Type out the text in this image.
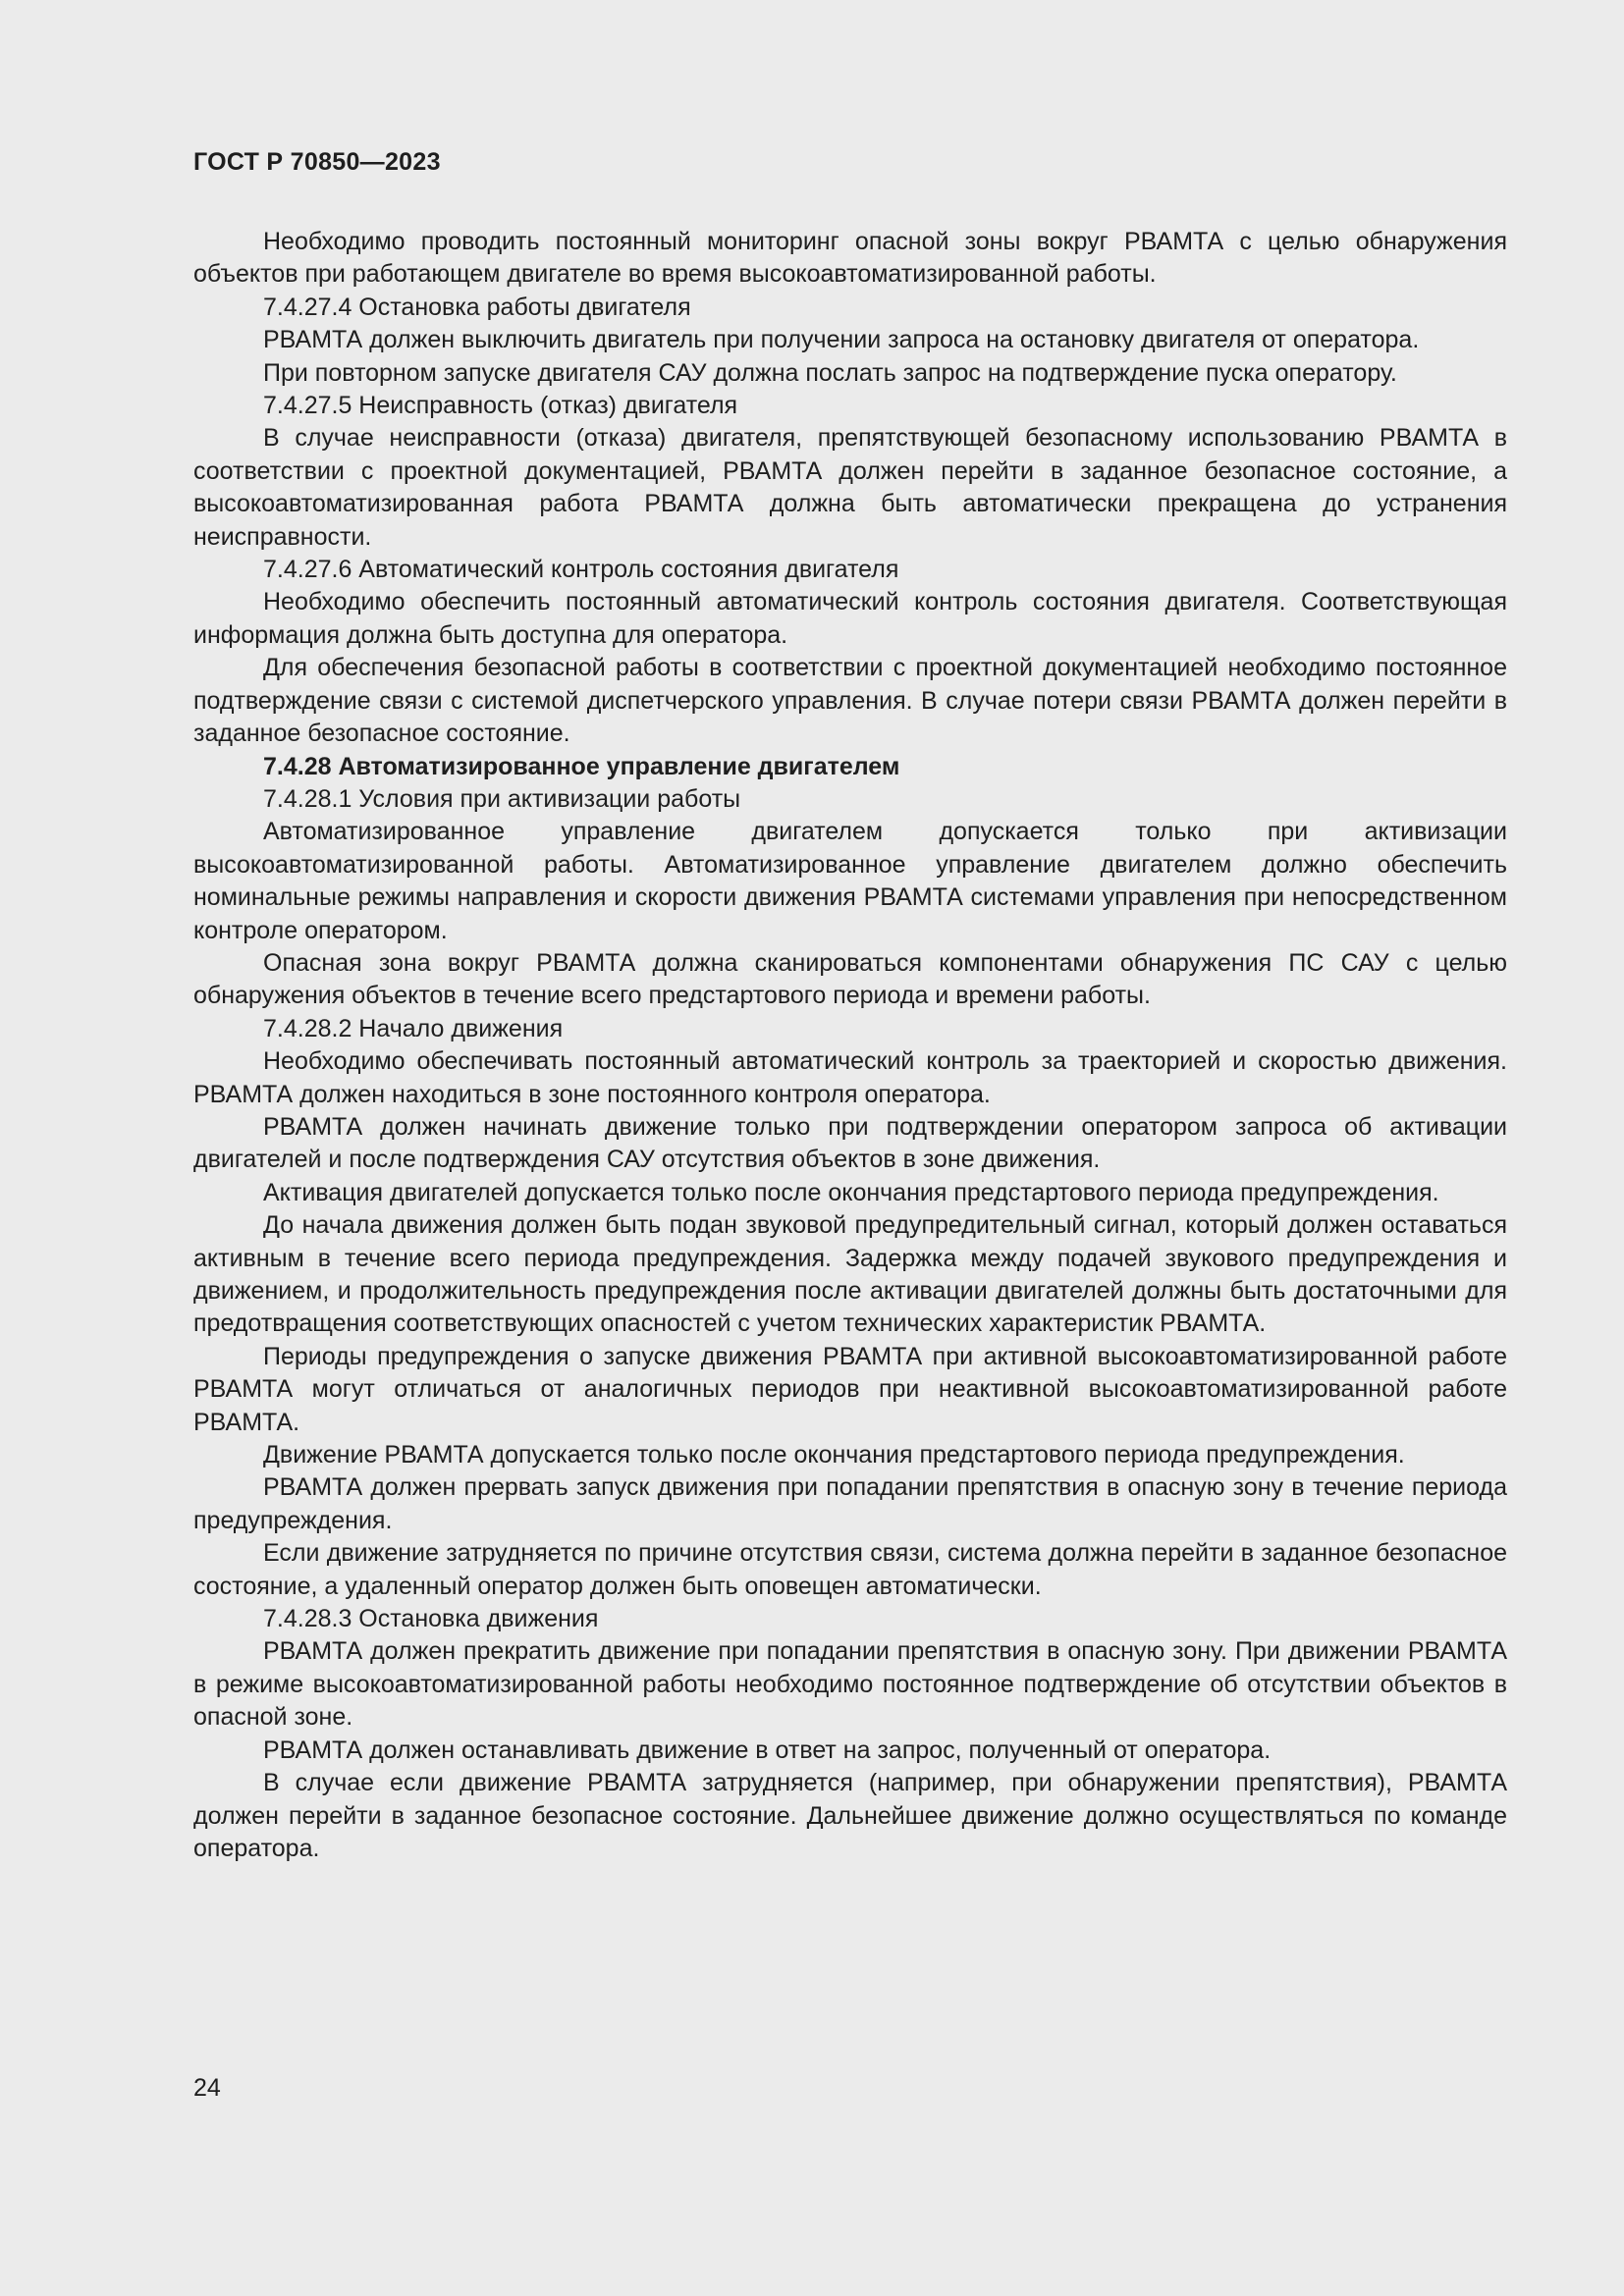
ГОСТ Р 70850—2023

Необходимо проводить постоянный мониторинг опасной зоны вокруг РВАМТА с целью обнаружения объектов при работающем двигателе во время высокоавтоматизированной работы.

7.4.27.4 Остановка работы двигателя

РВАМТА должен выключить двигатель при получении запроса на остановку двигателя от оператора.

При повторном запуске двигателя САУ должна послать запрос на подтверждение пуска оператору.

7.4.27.5 Неисправность (отказ) двигателя

В случае неисправности (отказа) двигателя, препятствующей безопасному использованию РВАМТА в соответствии с проектной документацией, РВАМТА должен перейти в заданное безопасное состояние, а высокоавтоматизированная работа РВАМТА должна быть автоматически прекращена до устранения неисправности.

7.4.27.6 Автоматический контроль состояния двигателя

Необходимо обеспечить постоянный автоматический контроль состояния двигателя. Соответствующая информация должна быть доступна для оператора.

Для обеспечения безопасной работы в соответствии с проектной документацией необходимо постоянное подтверждение связи с системой диспетчерского управления. В случае потери связи РВАМТА должен перейти в заданное безопасное состояние.

7.4.28 Автоматизированное управление двигателем

7.4.28.1 Условия при активизации работы

Автоматизированное управление двигателем допускается только при активизации высокоавтоматизированной работы. Автоматизированное управление двигателем должно обеспечить номинальные режимы направления и скорости движения РВАМТА системами управления при непосредственном контроле оператором.

Опасная зона вокруг РВАМТА должна сканироваться компонентами обнаружения ПС САУ с целью обнаружения объектов в течение всего предстартового периода и времени работы.

7.4.28.2 Начало движения

Необходимо обеспечивать постоянный автоматический контроль за траекторией и скоростью движения. РВАМТА должен находиться в зоне постоянного контроля оператора.

РВАМТА должен начинать движение только при подтверждении оператором запроса об активации двигателей и после подтверждения САУ отсутствия объектов в зоне движения.

Активация двигателей допускается только после окончания предстартового периода предупреждения.

До начала движения должен быть подан звуковой предупредительный сигнал, который должен оставаться активным в течение всего периода предупреждения. Задержка между подачей звукового предупреждения и движением, и продолжительность предупреждения после активации двигателей должны быть достаточными для предотвращения соответствующих опасностей с учетом технических характеристик РВАМТА.

Периоды предупреждения о запуске движения РВАМТА при активной высокоавтоматизированной работе РВАМТА могут отличаться от аналогичных периодов при неактивной высокоавтоматизированной работе РВАМТА.

Движение РВАМТА допускается только после окончания предстартового периода предупреждения.

РВАМТА должен прервать запуск движения при попадании препятствия в опасную зону в течение периода предупреждения.

Если движение затрудняется по причине отсутствия связи, система должна перейти в заданное безопасное состояние, а удаленный оператор должен быть оповещен автоматически.

7.4.28.3 Остановка движения

РВАМТА должен прекратить движение при попадании препятствия в опасную зону. При движении РВАМТА в режиме высокоавтоматизированной работы необходимо постоянное подтверждение об отсутствии объектов в опасной зоне.

РВАМТА должен останавливать движение в ответ на запрос, полученный от оператора.

В случае если движение РВАМТА затрудняется (например, при обнаружении препятствия), РВАМТА должен перейти в заданное безопасное состояние. Дальнейшее движение должно осуществляться по команде оператора.

24
